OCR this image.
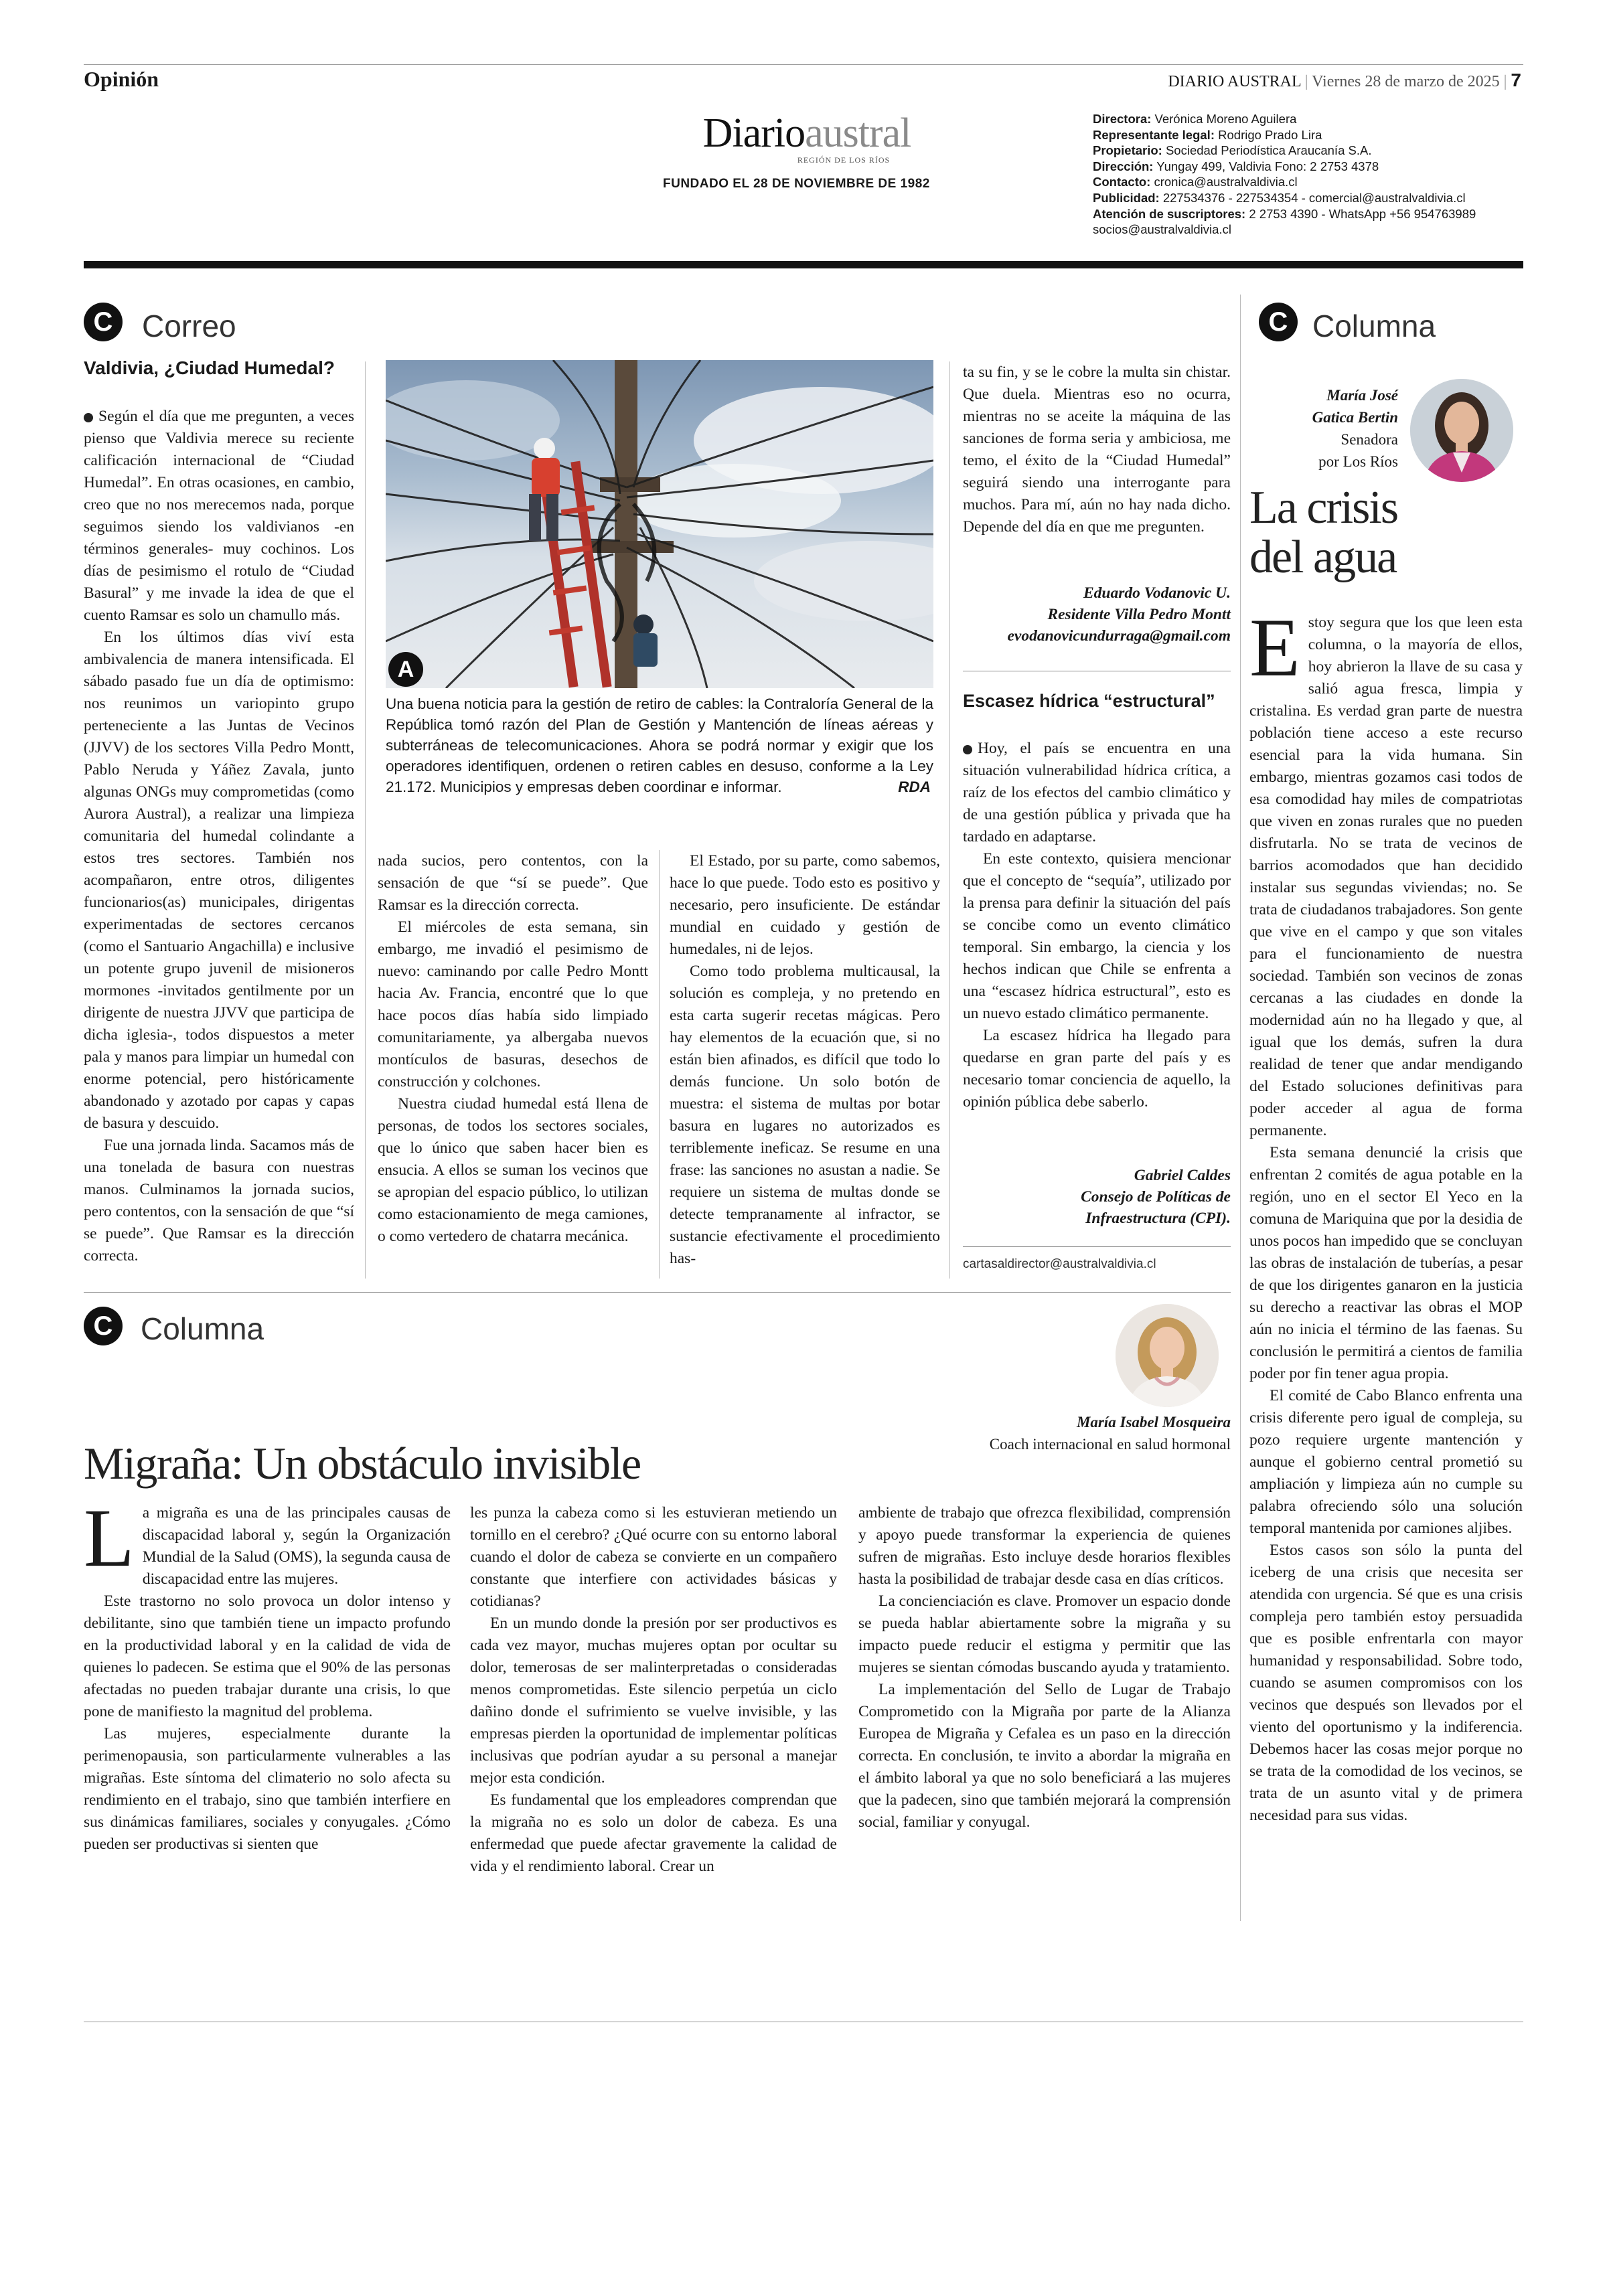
Opinión	DIARIO AUSTRAL | Viernes 28 de marzo de 2025 | 7
Diarioaustral
REGIÓN DE LOS RÍOS
FUNDADO EL 28 DE NOVIEMBRE DE 1982
Directora: Verónica Moreno Aguilera
Representante legal: Rodrigo Prado Lira
Propietario: Sociedad Periodística Araucanía S.A.
Dirección: Yungay 499, Valdivia Fono: 2 2753 4378
Contacto: cronica@australvaldivia.cl
Publicidad: 227534376 - 227534354 - comercial@australvaldivia.cl
Atención de suscriptores: 2 2753 4390 - WhatsApp +56 954763989
socios@australvaldivia.cl
C Correo
Valdivia, ¿Ciudad Humedal?

Según el día que me pregunten, a veces pienso que Valdivia merece su reciente calificación internacional de “Ciudad Humedal”. En otras ocasiones, en cambio, creo que no nos merecemos nada, porque seguimos siendo los valdivianos -en términos generales- muy cochinos. Los días de pesimismo el rotulo de “Ciudad Basural” y me invade la idea de que el cuento Ramsar es solo un chamullo más.

En los últimos días viví esta ambivalencia de manera intensificada. El sábado pasado fue un día de optimismo: nos reunimos un variopinto grupo perteneciente a las Juntas de Vecinos (JJVV) de los sectores Villa Pedro Montt, Pablo Neruda y Yáñez Zavala, junto algunas ONGs muy comprometidas (como Aurora Austral), a realizar una limpieza comunitaria del humedal colindante a estos tres sectores. También nos acompañaron, entre otros, diligentes funcionarios(as) municipales, dirigentas experimentadas de sectores cercanos (como el Santuario Angachilla) e inclusive un potente grupo juvenil de misioneros mormones -invitados gentilmente por un dirigente de nuestra JJVV que participa de dicha iglesia-, todos dispuestos a meter pala y manos para limpiar un humedal con enorme potencial, pero históricamente abandonado y azotado por capas y capas de basura y descuido.

Fue una jornada linda. Sacamos más de una tonelada de basura con nuestras manos. Culminamos la jornada sucios, pero contentos, con la sensación de que “sí se puede”. Que Ramsar es la dirección correcta.

A
Una buena noticia para la gestión de retiro de cables: la Contraloría General de la República tomó razón del Plan de Gestión y Mantención de líneas aéreas y subterráneas de telecomunicaciones. Ahora se podrá normar y exigir que los operadores identifiquen, ordenen o retiren cables en desuso, conforme a la Ley 21.172. Municipios y empresas deben coordinar e informar.	RDA

nada sucios, pero contentos, con la sensación de que “sí se puede”. Que Ramsar es la dirección correcta.

El miércoles de esta semana, sin embargo, me invadió el pesimismo de nuevo: caminando por calle Pedro Montt hacia Av. Francia, encontré que lo que hace pocos días había sido limpiado comunitariamente, ya albergaba nuevos montículos de basuras, desechos de construcción y colchones.

Nuestra ciudad humedal está llena de personas, de todos los sectores sociales, que lo único que saben hacer bien es ensucia. A ellos se suman los vecinos que se apropian del espacio público, lo utilizan como estacionamiento de mega camiones, o como vertedero de chatarra mecánica.

El Estado, por su parte, como sabemos, hace lo que puede. Todo esto es positivo y necesario, pero insuficiente. De estándar mundial en cuidado y gestión de humedales, ni de lejos.

Como todo problema multicausal, la solución es compleja, y no pretendo en esta carta sugerir recetas mágicas. Pero hay elementos de la ecuación que, si no están bien afinados, es difícil que todo lo demás funcione. Un solo botón de muestra: el sistema de multas por botar basura en lugares no autorizados es terriblemente ineficaz. Se resume en una frase: las sanciones no asustan a nadie. Se requiere un sistema de multas donde se detecte tempranamente al infractor, se sustancie efectivamente el procedimiento has-

ta su fin, y se le cobre la multa sin chistar. Que duela. Mientras eso no ocurra, mientras no se aceite la máquina de las sanciones de forma seria y ambiciosa, me temo, el éxito de la “Ciudad Humedal” seguirá siendo una interrogante para muchos. Para mí, aún no hay nada dicho. Depende del día en que me pregunten.

Eduardo Vodanovic U.
Residente Villa Pedro Montt
evodanovicundurraga@gmail.com
Escasez hídrica “estructural”

Hoy, el país se encuentra en una situación vulnerabilidad hídrica crítica, a raíz de los efectos del cambio climático y de una gestión pública y privada que ha tardado en adaptarse.

En este contexto, quisiera mencionar que el concepto de “sequía”, utilizado por la prensa para definir la situación del país se concibe como un evento climático temporal. Sin embargo, la ciencia y los hechos indican que Chile se enfrenta a una “escasez hídrica estructural”, esto es un nuevo estado climático permanente.

La escasez hídrica ha llegado para quedarse en gran parte del país y es necesario tomar conciencia de aquello, la opinión pública debe saberlo.

Gabriel Caldes
Consejo de Políticas de
Infraestructura (CPI).
cartasaldirector@australvaldivia.cl
C Columna
María José
Gatica Bertin
Senadora
por Los Ríos
La crisis
del agua

Estoy segura que los que leen esta columna, o la mayoría de ellos, hoy abrieron la llave de su casa y salió agua fresca, limpia y cristalina. Es verdad gran parte de nuestra población tiene acceso a este recurso esencial para la vida humana. Sin embargo, mientras gozamos casi todos de esa comodidad hay miles de compatriotas que viven en zonas rurales que no pueden disfrutarla. No se trata de vecinos de barrios acomodados que han decidido instalar sus segundas viviendas; no. Se trata de ciudadanos trabajadores. Son gente que vive en el campo y que son vitales para el funcionamiento de nuestra sociedad. También son vecinos de zonas cercanas a las ciudades en donde la modernidad aún no ha llegado y que, al igual que los demás, sufren la dura realidad de tener que andar mendigando del Estado soluciones definitivas para poder acceder al agua de forma permanente.

Esta semana denuncié la crisis que enfrentan 2 comités de agua potable en la región, uno en el sector El Yeco en la comuna de Mariquina que por la desidia de unos pocos han impedido que se concluyan las obras de instalación de tuberías, a pesar de que los dirigentes ganaron en la justicia su derecho a reactivar las obras el MOP aún no inicia el término de las faenas. Su conclusión le permitirá a cientos de familia poder por fin tener agua propia.

El comité de Cabo Blanco enfrenta una crisis diferente pero igual de compleja, su pozo requiere urgente mantención y aunque el gobierno central prometió su ampliación y limpieza aún no cumple su palabra ofreciendo sólo una solución temporal mantenida por camiones aljibes.

Estos casos son sólo la punta del iceberg de una crisis que necesita ser atendida con urgencia. Sé que es una crisis compleja pero también estoy persuadida que es posible enfrentarla con mayor humanidad y responsabilidad. Sobre todo, cuando se asumen compromisos con los vecinos que después son llevados por el viento del oportunismo y la indiferencia. Debemos hacer las cosas mejor porque no se trata de la comodidad de los vecinos, se trata de un asunto vital y de primera necesidad para sus vidas.

C Columna
María Isabel Mosqueira
Coach internacional en salud hormonal
Migraña: Un obstáculo invisible

La migraña es una de las principales causas de discapacidad laboral y, según la Organización Mundial de la Salud (OMS), la segunda causa de discapacidad entre las mujeres.

Este trastorno no solo provoca un dolor intenso y debilitante, sino que también tiene un impacto profundo en la productividad laboral y en la calidad de vida de quienes lo padecen. Se estima que el 90% de las personas afectadas no pueden trabajar durante una crisis, lo que pone de manifiesto la magnitud del problema.

Las mujeres, especialmente durante la perimenopausia, son particularmente vulnerables a las migrañas. Este síntoma del climaterio no solo afecta su rendimiento en el trabajo, sino que también interfiere en sus dinámicas familiares, sociales y conyugales. ¿Cómo pueden ser productivas si sienten que

les punza la cabeza como si les estuvieran metiendo un tornillo en el cerebro? ¿Qué ocurre con su entorno laboral cuando el dolor de cabeza se convierte en un compañero constante que interfiere con actividades básicas y cotidianas?

En un mundo donde la presión por ser productivos es cada vez mayor, muchas mujeres optan por ocultar su dolor, temerosas de ser malinterpretadas o consideradas menos comprometidas. Este silencio perpetúa un ciclo dañino donde el sufrimiento se vuelve invisible, y las empresas pierden la oportunidad de implementar políticas inclusivas que podrían ayudar a su personal a manejar mejor esta condición.

Es fundamental que los empleadores comprendan que la migraña no es solo un dolor de cabeza. Es una enfermedad que puede afectar gravemente la calidad de vida y el rendimiento laboral. Crear un

ambiente de trabajo que ofrezca flexibilidad, comprensión y apoyo puede transformar la experiencia de quienes sufren de migrañas. Esto incluye desde horarios flexibles hasta la posibilidad de trabajar desde casa en días críticos.

La concienciación es clave. Promover un espacio donde se pueda hablar abiertamente sobre la migraña y su impacto puede reducir el estigma y permitir que las mujeres se sientan cómodas buscando ayuda y tratamiento.

La implementación del Sello de Lugar de Trabajo Comprometido con la Migraña por parte de la Alianza Europea de Migraña y Cefalea es un paso en la dirección correcta. En conclusión, te invito a abordar la migraña en el ámbito laboral ya que no solo beneficiará a las mujeres que la padecen, sino que también mejorará la comprensión social, familiar y conyugal.
